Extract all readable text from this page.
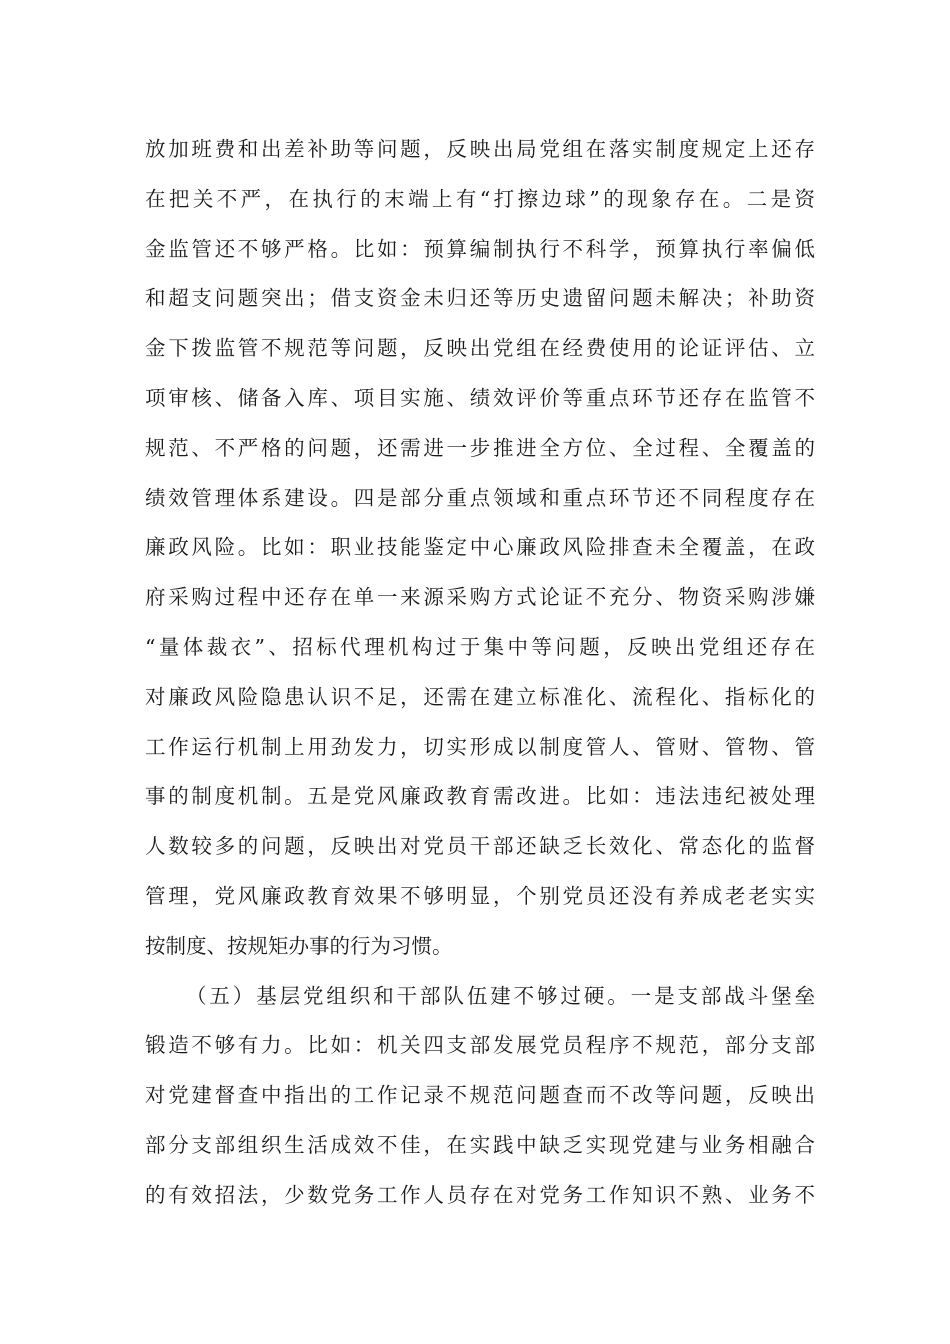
放加班费和出差补助等问题，反映出局党组在落实制度规定上还存
在把关不严，在执行的末端上有“打擦边球”的现象存在。二是资
金监管还不够严格。比如：预算编制执行不科学，预算执行率偏低
和超支问题突出；借支资金未归还等历史遗留问题未解决；补助资
金下拨监管不规范等问题，反映出党组在经费使用的论证评估、立
项审核、储备入库、项目实施、绩效评价等重点环节还存在监管不
规范、不严格的问题，还需进一步推进全方位、全过程、全覆盖的
绩效管理体系建设。四是部分重点领域和重点环节还不同程度存在
廉政风险。比如：职业技能鉴定中心廉政风险排查未全覆盖，在政
府采购过程中还存在单一来源采购方式论证不充分、物资采购涉嫌
“量体裁衣”、招标代理机构过于集中等问题，反映出党组还存在
对廉政风险隐患认识不足，还需在建立标准化、流程化、指标化的
工作运行机制上用劲发力，切实形成以制度管人、管财、管物、管
事的制度机制。五是党风廉政教育需改进。比如：违法违纪被处理
人数较多的问题，反映出对党员干部还缺乏长效化、常态化的监督
管理，党风廉政教育效果不够明显，个别党员还没有养成老老实实
按制度、按规矩办事的行为习惯。
（五）基层党组织和干部队伍建不够过硬。一是支部战斗堡垒
锻造不够有力。比如：机关四支部发展党员程序不规范，部分支部
对党建督查中指出的工作记录不规范问题查而不改等问题，反映出
部分支部组织生活成效不佳，在实践中缺乏实现党建与业务相融合
的有效招法，少数党务工作人员存在对党务工作知识不熟、业务不
